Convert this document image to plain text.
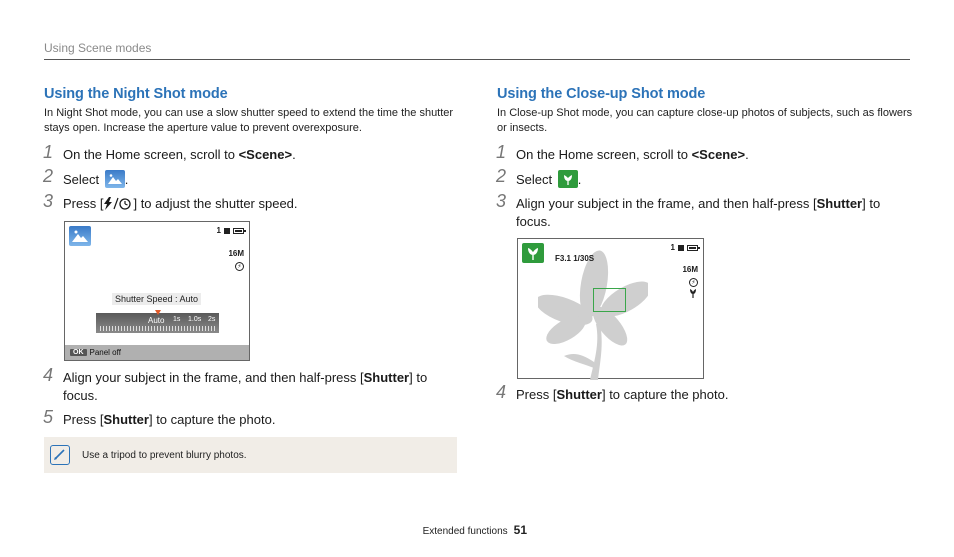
Using Scene modes
Using the Night Shot mode
In Night Shot mode, you can use a slow shutter speed to extend the time the shutter stays open. Increase the aperture value to prevent overexposure.
1 On the Home screen, scroll to <Scene>.
2 Select
.
3 Press [ ] to adjust the shutter speed.
1
16M
⚡
Shutter Speed : Auto
Auto 1s 1.0s 2s
OK Panel off
4 Align your subject in the frame, and then half-press [Shutter] to focus.
5 Press [Shutter] to capture the photo.
Use a tripod to prevent blurry photos.
Using the Close-up Shot mode
In Close-up Shot mode, you can capture close-up photos of subjects, such as flowers or insects.
1 On the Home screen, scroll to <Scene>.
2 Select
.
3 Align your subject in the frame, and then half-press [Shutter] to focus.
F3.1 1/30S
1
16M
⚡
4 Press [Shutter] to capture the photo.
Extended functions 51
